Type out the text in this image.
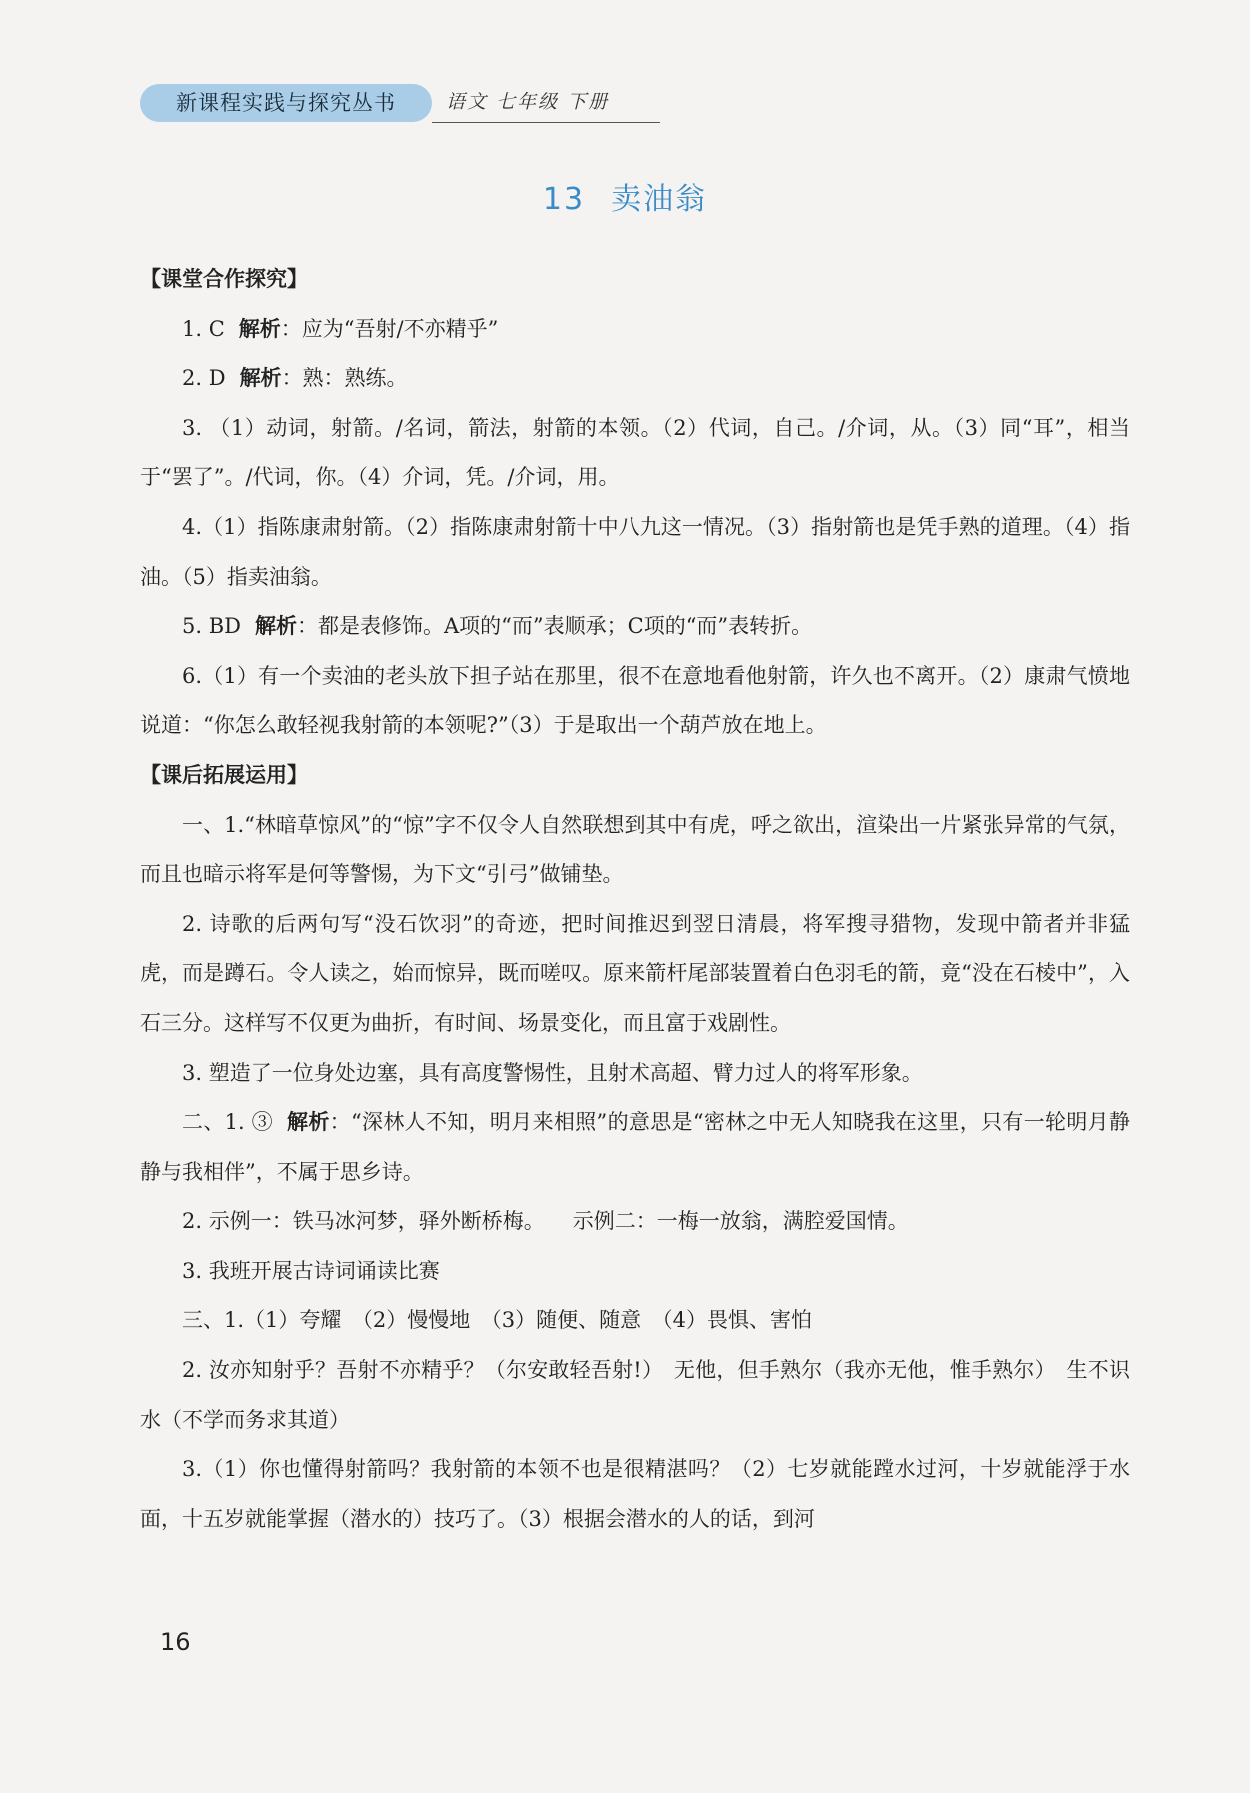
新课程实践与探究丛书	语文 七年级 下册
13 卖油翁

【课堂合作探究】

1. C 解析：应为“吾射/不亦精乎”

2. D 解析：熟：熟练。

3. （1）动词，射箭。/名词，箭法，射箭的本领。（2）代词，自己。/介词，从。（3）同“耳”，相当于“罢了”。/代词，你。（4）介词，凭。/介词，用。

4.（1）指陈康肃射箭。（2）指陈康肃射箭十中八九这一情况。（3）指射箭也是凭手熟的道理。（4）指油。（5）指卖油翁。

5. BD 解析：都是表修饰。A项的“而”表顺承；C项的“而”表转折。

6.（1）有一个卖油的老头放下担子站在那里，很不在意地看他射箭，许久也不离开。（2）康肃气愤地说道：“你怎么敢轻视我射箭的本领呢?”（3）于是取出一个葫芦放在地上。

【课后拓展运用】

一、1.“林暗草惊风”的“惊”字不仅令人自然联想到其中有虎，呼之欲出，渲染出一片紧张异常的气氛，而且也暗示将军是何等警惕，为下文“引弓”做铺垫。

2. 诗歌的后两句写“没石饮羽”的奇迹，把时间推迟到翌日清晨，将军搜寻猎物，发现中箭者并非猛虎，而是蹲石。令人读之，始而惊异，既而嗟叹。原来箭杆尾部装置着白色羽毛的箭，竟“没在石棱中”，入石三分。这样写不仅更为曲折，有时间、场景变化，而且富于戏剧性。

3. 塑造了一位身处边塞，具有高度警惕性，且射术高超、臂力过人的将军形象。

二、1. ③ 解析：“深林人不知，明月来相照”的意思是“密林之中无人知晓我在这里，只有一轮明月静静与我相伴”，不属于思乡诗。

2. 示例一：铁马冰河梦，驿外断桥梅。 示例二：一梅一放翁，满腔爱国情。

3. 我班开展古诗词诵读比赛

三、1.（1）夸耀　（2）慢慢地　（3）随便、随意　（4）畏惧、害怕

2. 汝亦知射乎？吾射不亦精乎？（尔安敢轻吾射!）　无他，但手熟尔（我亦无他，惟手熟尔）　生不识水（不学而务求其道）

3.（1）你也懂得射箭吗？我射箭的本领不也是很精湛吗？（2）七岁就能蹚水过河，十岁就能浮于水面，十五岁就能掌握（潜水的）技巧了。（3）根据会潜水的人的话，到河

16
